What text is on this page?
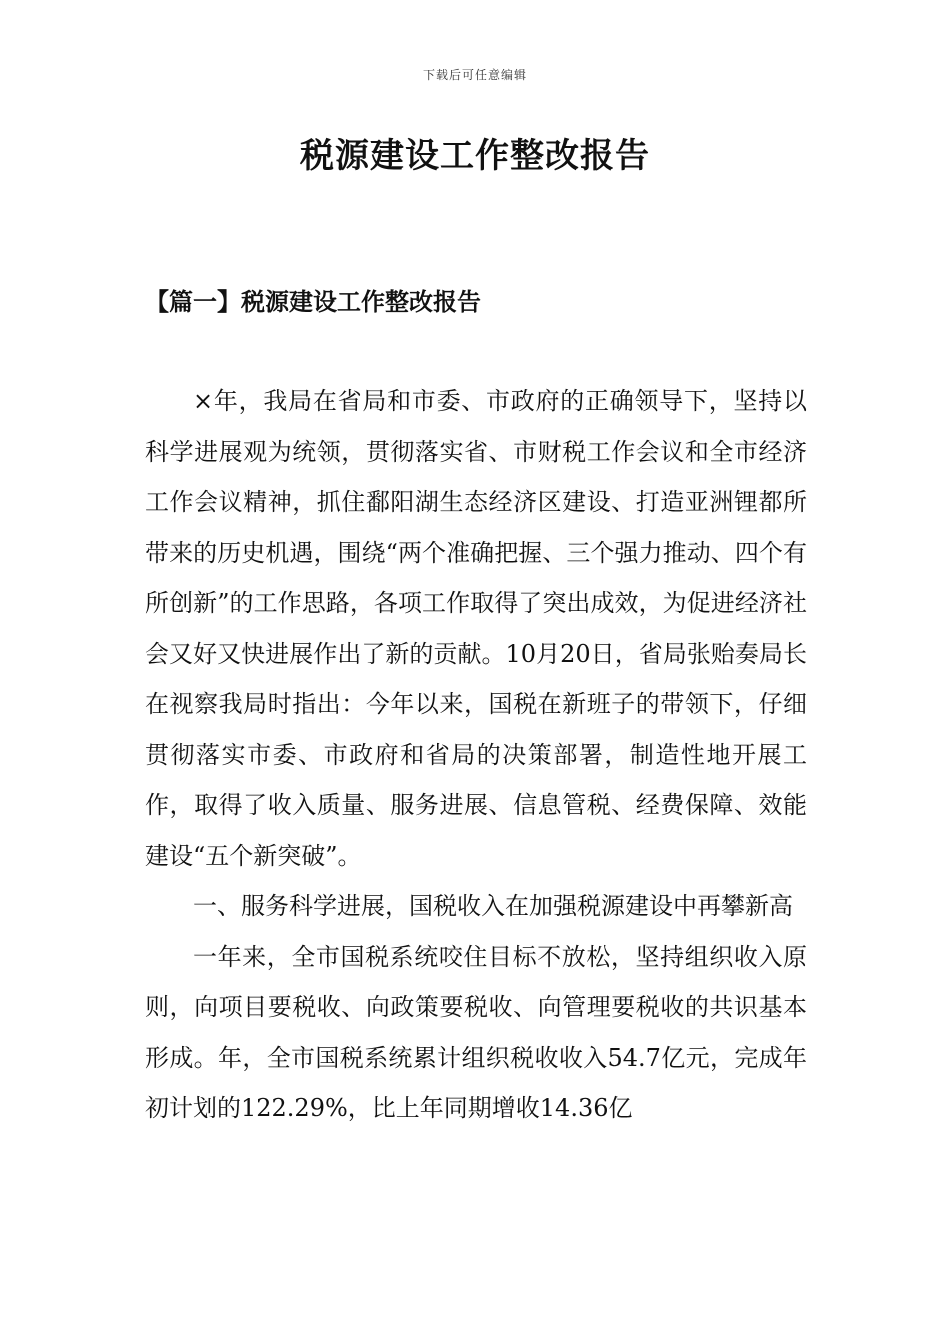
下载后可任意编辑
税源建设工作整改报告
【篇一】税源建设工作整改报告

×年，我局在省局和市委、市政府的正确领导下，坚持以科学进展观为统领，贯彻落实省、市财税工作会议和全市经济工作会议精神，抓住鄱阳湖生态经济区建设、打造亚洲锂都所带来的历史机遇，围绕“两个准确把握、三个强力推动、四个有所创新”的工作思路，各项工作取得了突出成效，为促进经济社会又好又快进展作出了新的贡献。10月20日，省局张贻奏局长在视察我局时指出：今年以来，国税在新班子的带领下，仔细贯彻落实市委、市政府和省局的决策部署，制造性地开展工作，取得了收入质量、服务进展、信息管税、经费保障、效能建设“五个新突破”。

一、服务科学进展，国税收入在加强税源建设中再攀新高

一年来，全市国税系统咬住目标不放松，坚持组织收入原则，向项目要税收、向政策要税收、向管理要税收的共识基本形成。年，全市国税系统累计组织税收收入54.7亿元，完成年初计划的122.29%，比上年同期增收14.36亿
